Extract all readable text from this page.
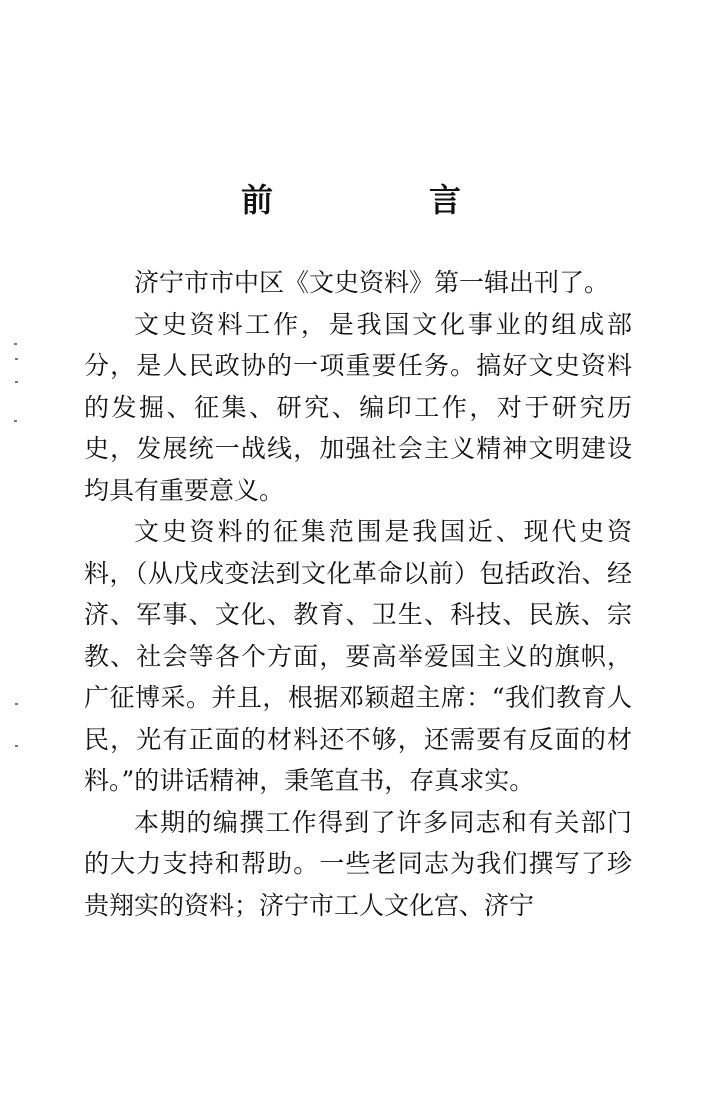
前　言

济宁市市中区《文史资料》第一辑出刊了。

文史资料工作，是我国文化事业的组成部分，是人民政协的一项重要任务。搞好文史资料的发掘、征集、研究、编印工作，对于研究历史，发展统一战线，加强社会主义精神文明建设均具有重要意义。

文史资料的征集范围是我国近、现代史资料，（从戊戌变法到文化革命以前）包括政治、经济、军事、文化、教育、卫生、科技、民族、宗教、社会等各个方面，要高举爱国主义的旗帜，广征博采。并且，根据邓颖超主席：“我们教育人民，光有正面的材料还不够，还需要有反面的材料。”的讲话精神，秉笔直书，存真求实。

本期的编撰工作得到了许多同志和有关部门的大力支持和帮助。一些老同志为我们撰写了珍贵翔实的资料；济宁市工人文化宫、济宁
